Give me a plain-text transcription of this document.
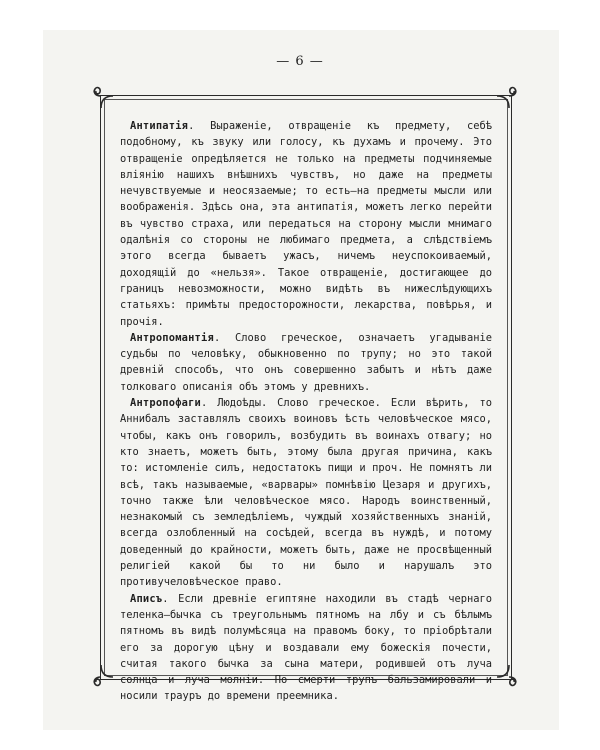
— 6 —

Антипатія. Выраженіе, отвращеніе къ предмету, себѣ подобному, къ звуку или голосу, къ духамъ и прочему. Это отвращеніе опредѣляется не только на предметы подчиняемые вліянію нашихъ внѣшнихъ чувствъ, но даже на предметы нечувствуемые и неосязаемые; то есть—на предметы мысли или воображенія. Здѣсь она, эта антипатія, можетъ легко перейти въ чувство страха, или передаться на сторону мысли мнимаго одалѣнія со стороны не любимаго предмета, а слѣдствіемъ этого всегда бываетъ ужасъ, ничемъ неуспокоиваемый, доходящій до «нельзя». Такое отвращеніе, достигающее до границъ невозможности, можно видѣть въ нижеслѣдующихъ статьяхъ: примѣты предосторожности, лекарства, повѣрья, и прочія.

Антропомантія. Слово греческое, означаетъ угадываніе судьбы по человѣку, обыкновенно по трупу; но это такой древній способъ, что онъ совершенно забытъ и нѣтъ даже толковаго описанія объ этомъ у древнихъ.

Антропофаги. Людоѣды. Слово греческое. Если вѣрить, то Аннибалъ заставлялъ своихъ воиновъ ѣсть человѣческое мясо, чтобы, какъ онъ говорилъ, возбудить въ воинахъ отвагу; но кто знаетъ, можетъ быть, этому была другая причина, какъ то: истомленіе силъ, недостатокъ пищи и проч. Не помнятъ ли всѣ, такъ называемые, «варвары» помнѣвію Цезаря и другихъ, точно также ѣли человѣческое мясо. Народъ воинственный, незнакомый съ земледѣліемъ, чуждый хозяйственныхъ знаній, всегда озлобленный на сосѣдей, всегда въ нуждѣ, и потому доведенный до крайности, можетъ быть, даже не просвѣщенный религіей какой бы то ни было и нарушалъ это противучеловѣческое право.

Аписъ. Если древніе египтяне находили въ стадѣ чернаго теленка—бычка съ треугольнымъ пятномъ на лбу и съ бѣлымъ пятномъ въ видѣ полумѣсяца на правомъ боку, то пріобрѣтали его за дорогую цѣну и воздавали ему божескія почести, считая такого бычка за сына матери, родившей отъ луча солнца и луча молніи. По смерти трупъ бальзамировали и носили трауръ до времени преемника.
